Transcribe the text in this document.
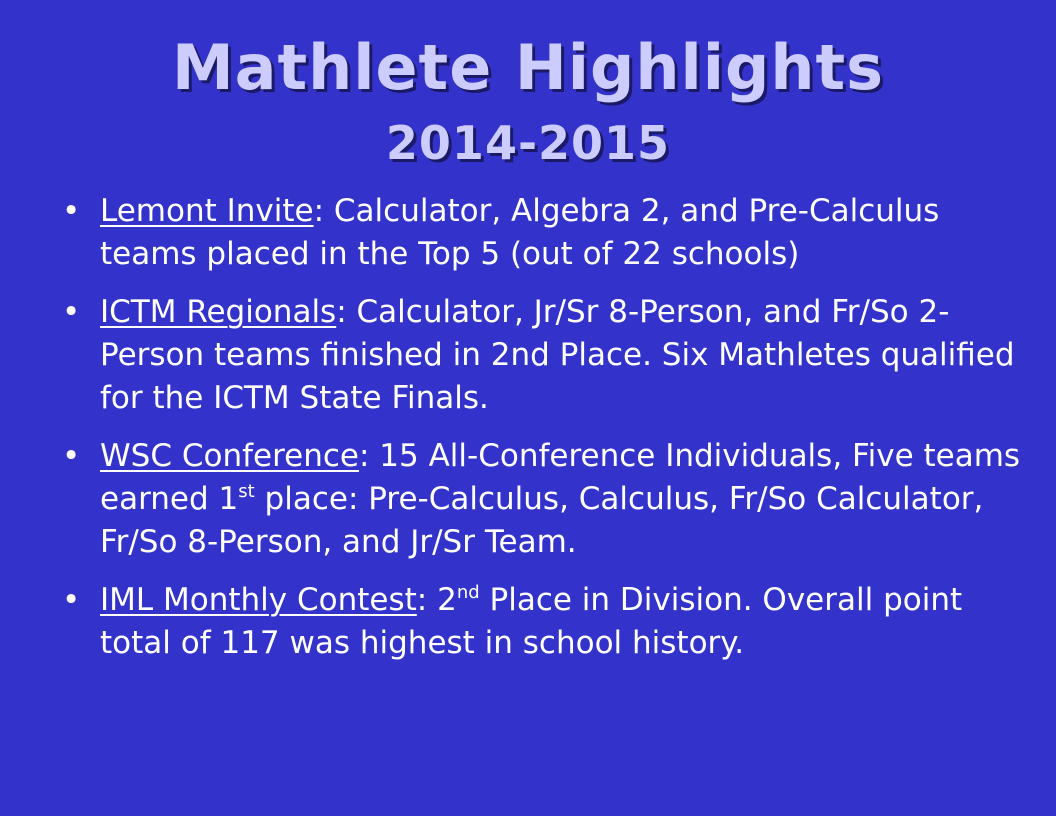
Mathlete Highlights
2014-2015
• Lemont Invite: Calculator, Algebra 2, and Pre-Calculus teams placed in the Top 5 (out of 22 schools)
• ICTM Regionals: Calculator, Jr/Sr 8-Person, and Fr/So 2-Person teams finished in 2nd Place. Six Mathletes qualified for the ICTM State Finals.
• WSC Conference: 15 All-Conference Individuals, Five teams earned 1st place: Pre-Calculus, Calculus, Fr/So Calculator, Fr/So 8-Person, and Jr/Sr Team.
• IML Monthly Contest: 2nd Place in Division. Overall point total of 117 was highest in school history.
